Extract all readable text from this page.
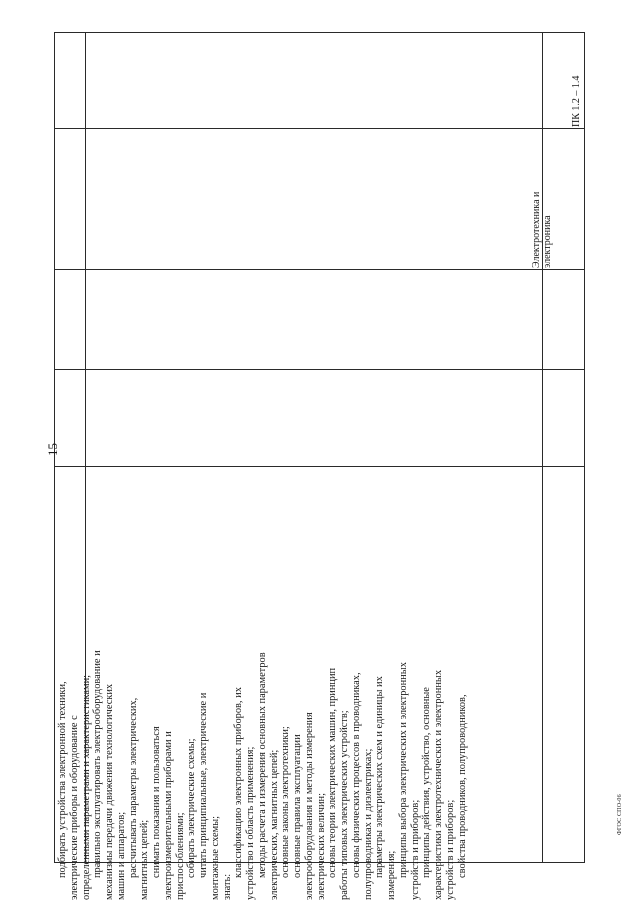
15
ПК 1.2 – 1.4
Электротехника и электроника
подбирать устройства электронной техники, электрические приборы и оборудование с определенными параметрами и характеристиками; правильно эксплуатировать электрооборудование и механизмы передачи движения технологических машин и аппаратов; рассчитывать параметры электрических, магнитных цепей; снимать показания и пользоваться электроизмерительными приборами и приспособлениями; собирать электрические схемы; читать принципиальные, электрические и монтажные схемы; знать:
классификацию электронных приборов, их устройство и область применения; методы расчета и измерения основных параметров электрических, магнитных цепей; основные законы электротехники; основные правила эксплуатации электрооборудования и методы измерения электрических величин; основы теории электрических машин, принцип работы типовых электрических устройств; основы физических процессов в проводниках, полупроводниках и диэлектриках; параметры электрических схем и единицы их измерения; принципы выбора электрических и электронных устройств и приборов; принципы действия, устройство, основные характеристики электротехнических и электронных устройств и приборов; свойства проводников, полупроводников,	ФГОС СПО-06
